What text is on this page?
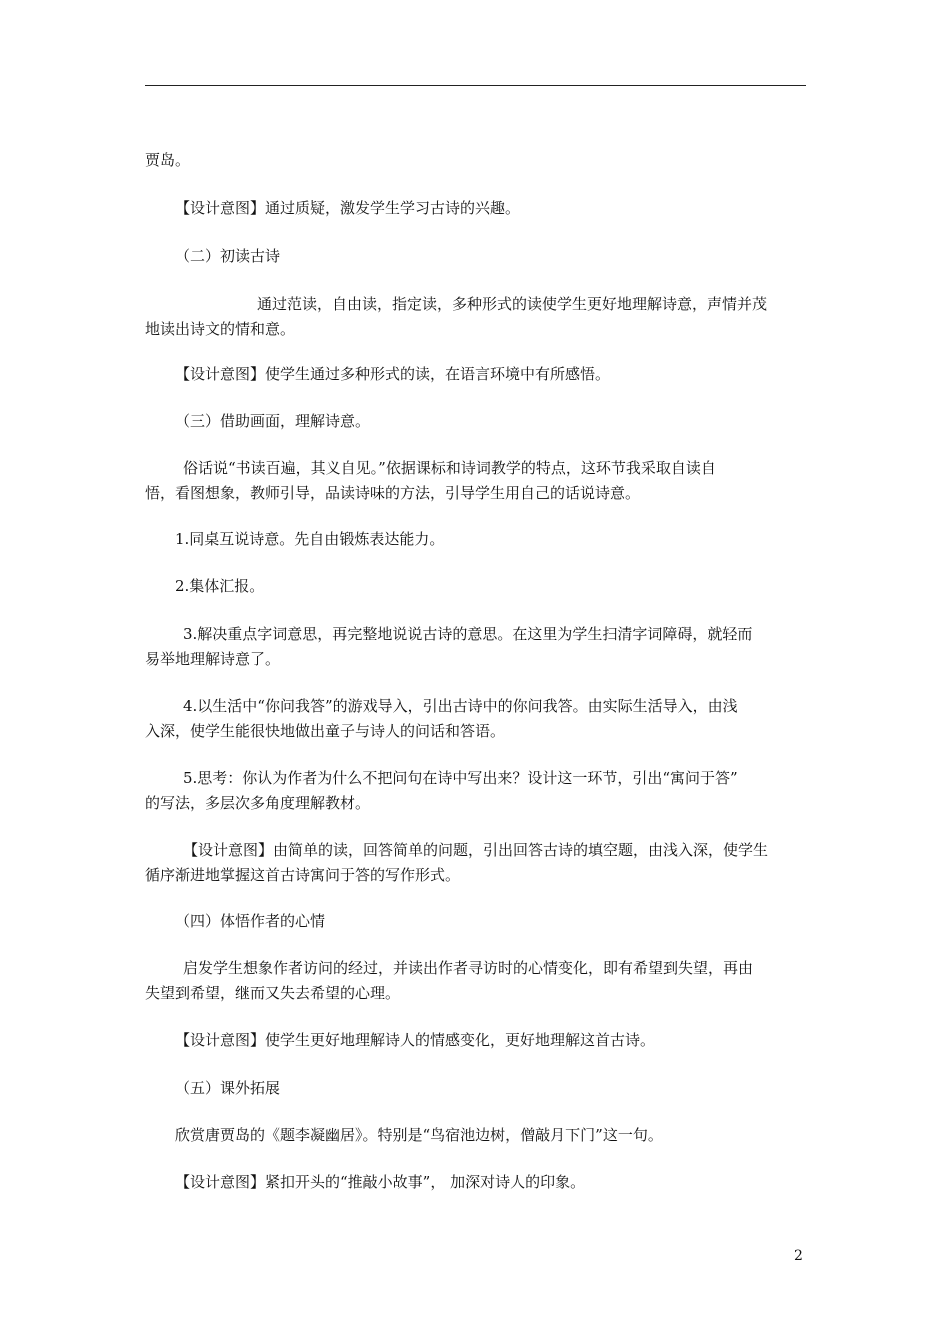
贾岛。

【设计意图】通过质疑，激发学生学习古诗的兴趣。

（二）初读古诗

通过范读，自由读，指定读，多种形式的读使学生更好地理解诗意，声情并茂
地读出诗文的情和意。

【设计意图】使学生通过多种形式的读，在语言环境中有所感悟。

（三）借助画面，理解诗意。

俗话说“书读百遍，其义自见。”依据课标和诗词教学的特点，这环节我采取自读自
悟，看图想象，教师引导，品读诗味的方法，引导学生用自己的话说诗意。

1.同桌互说诗意。先自由锻炼表达能力。

2.集体汇报。

3.解决重点字词意思，再完整地说说古诗的意思。在这里为学生扫清字词障碍，就轻而
易举地理解诗意了。

4.以生活中“你问我答”的游戏导入，引出古诗中的你问我答。由实际生活导入，由浅
入深，使学生能很快地做出童子与诗人的问话和答语。

5.思考：你认为作者为什么不把问句在诗中写出来？设计这一环节，引出“寓问于答”
的写法，多层次多角度理解教材。

【设计意图】由简单的读，回答简单的问题，引出回答古诗的填空题，由浅入深，使学生
循序渐进地掌握这首古诗寓问于答的写作形式。

（四）体悟作者的心情

启发学生想象作者访问的经过，并读出作者寻访时的心情变化，即有希望到失望，再由
失望到希望，继而又失去希望的心理。

【设计意图】使学生更好地理解诗人的情感变化，更好地理解这首古诗。

（五）课外拓展

欣赏唐贾岛的《题李凝幽居》。特别是“鸟宿池边树，僧敲月下门”这一句。

【设计意图】紧扣开头的“推敲小故事”， 加深对诗人的印象。

2
